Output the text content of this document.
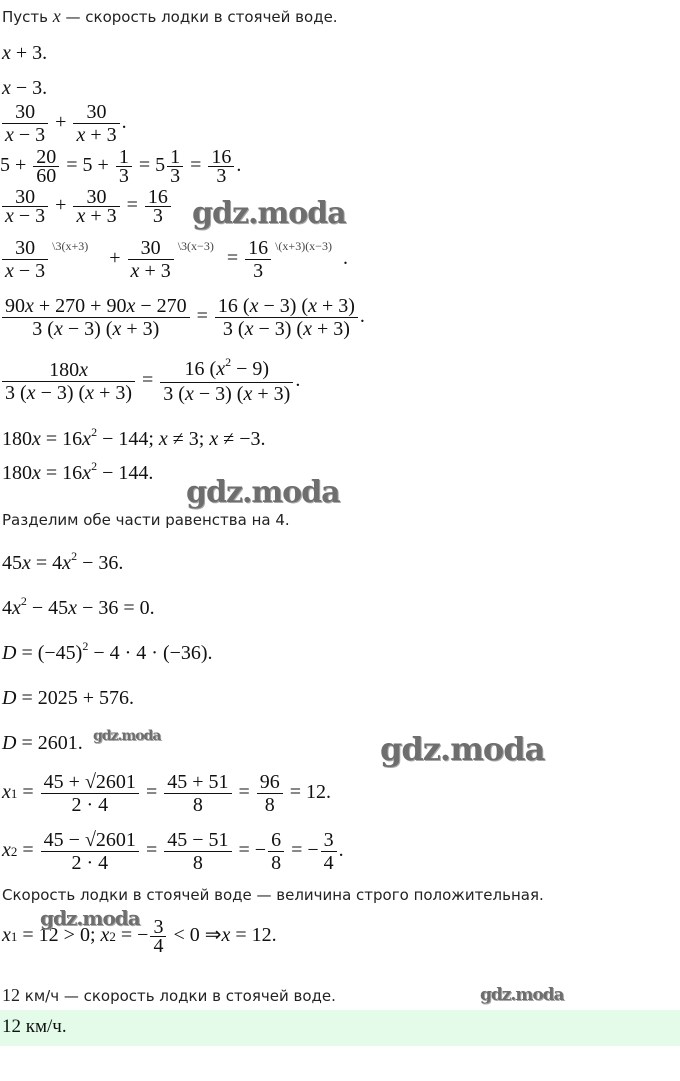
Пусть x — скорость лодки в стоячей воде.
x + 3.
x − 3.
$\frac{30}{x - 3} + \frac{30}{x + 3}$ .
$5 + \frac{20}{60} = 5 + \frac{1}{3} = 5 \frac{1}{3} = \frac{16}{3}$ .
$\frac{30}{x - 3} + \frac{30}{x + 3} = \frac{16}{3}$
$\frac{30}{x - 3} ^{\backslash 3(x+3)} + \frac{30}{x + 3} ^{\backslash 3(x-3)} = \frac{16}{3} ^{\backslash(x+3)(x-3)}$ .
$\frac{90x + 270 + 90x - 270}{3 (x - 3) (x + 3)} = \frac{16 (x - 3) (x + 3)}{3 (x - 3) (x + 3)}$ .
$\frac{180x}{3 (x - 3) (x + 3)} = \frac{16 (x^2 - 9)}{3 (x - 3) (x + 3)}$ .
$180x = 16x^2 - 144$; x ≠ 3; x ≠ −3.
$180x = 16x^2 - 144$.
Разделим обе части равенства на 4.
$45x = 4x^2 - 36$.
$4x^2 - 45x - 36 = 0$.
$D = (-45)^2 - 4 \cdot 4 \cdot (-36)$.
D = 2025 + 576.
D = 2601.
$x1 = \frac{45 + √2601}{2 \cdot 4} = \frac{45 + 51}{8} = \frac{96}{8} = 12$.
$x2 = \frac{45 - √2601}{2 \cdot 4} = \frac{45 - 51}{8}$ = − $\frac{6}{8}$ = − $\frac{3}{4}$ .
Скорость лодки в стоячей воде — величина строго положительная.
x1 = 12 > 0; x2 = − $\frac{3}{4} < 0$ ⇒x = 12.
12 км/ч — скорость лодки в стоячей воде.
12 км/ч.
gdz.moda
gdz.moda
gdz.moda	gdz.moda
gdz.moda
gdz.moda
